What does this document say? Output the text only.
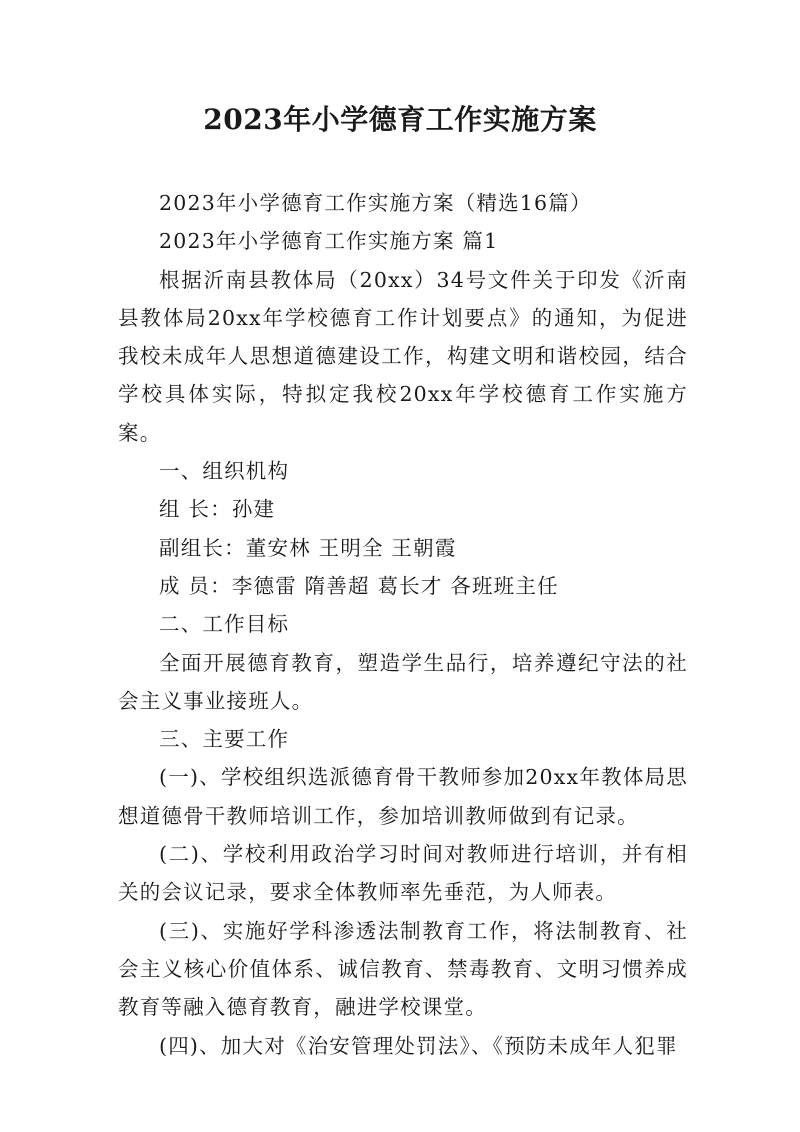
2023年小学德育工作实施方案

2023年小学德育工作实施方案（精选16篇）

2023年小学德育工作实施方案 篇1

根据沂南县教体局（20xx）34号文件关于印发《沂南县教体局20xx年学校德育工作计划要点》的通知，为促进我校未成年人思想道德建设工作，构建文明和谐校园，结合学校具体实际，特拟定我校20xx年学校德育工作实施方案。

一、组织机构

组 长：孙建

副组长：董安林 王明全 王朝霞

成 员：李德雷 隋善超 葛长才 各班班主任

二、工作目标

全面开展德育教育，塑造学生品行，培养遵纪守法的社会主义事业接班人。

三、主要工作

(一)、学校组织选派德育骨干教师参加20xx年教体局思想道德骨干教师培训工作，参加培训教师做到有记录。

(二)、学校利用政治学习时间对教师进行培训，并有相关的会议记录，要求全体教师率先垂范，为人师表。

(三)、实施好学科渗透法制教育工作，将法制教育、社会主义核心价值体系、诚信教育、禁毒教育、文明习惯养成教育等融入德育教育，融进学校课堂。

(四)、加大对《治安管理处罚法》、《预防未成年人犯罪
